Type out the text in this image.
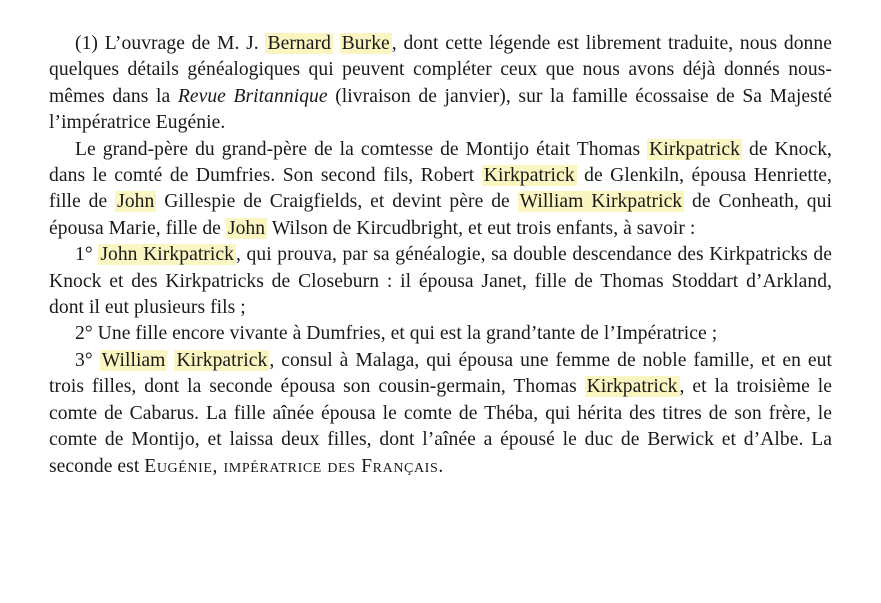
(1) L’ouvrage de M. J. Bernard Burke , dont cette légende est librement traduite, nous donne quelques détails généalogiques qui peuvent compléter ceux que nous avons déjà donnés nous-mêmes dans la Revue Britannique (livraison de janvier), sur la famille écossaise de Sa Majesté l’impératrice Eugénie.

Le grand-père du grand-père de la comtesse de Montijo était Thomas Kirkpatrick de Knock, dans le comté de Dumfries. Son second fils, Robert Kirkpatrick de Glenkiln, épousa Henriette, fille de John Gillespie de Craigfields, et devint père de William Kirkpatrick de Conheath, qui épousa Marie, fille de John Wilson de Kircudbright, et eut trois enfants, à savoir :

1° John Kirkpatrick , qui prouva, par sa généalogie, sa double descendance des Kirkpatricks de Knock et des Kirkpatricks de Closeburn : il épousa Janet, fille de Thomas Stoddart d’Arkland, dont il eut plusieurs fils ;

2° Une fille encore vivante à Dumfries, et qui est la grand’tante de l’Impératrice ;

3° William Kirkpatrick , consul à Malaga, qui épousa une femme de noble famille, et en eut trois filles, dont la seconde épousa son cousin-germain, Thomas Kirkpatrick , et la troisième le comte de Cabarus. La fille aînée épousa le comte de Théba, qui hérita des titres de son frère, le comte de Montijo, et laissa deux filles, dont l’aînée a épousé le duc de Berwick et d’Albe. La seconde est Eugénie, impératrice des Français.
